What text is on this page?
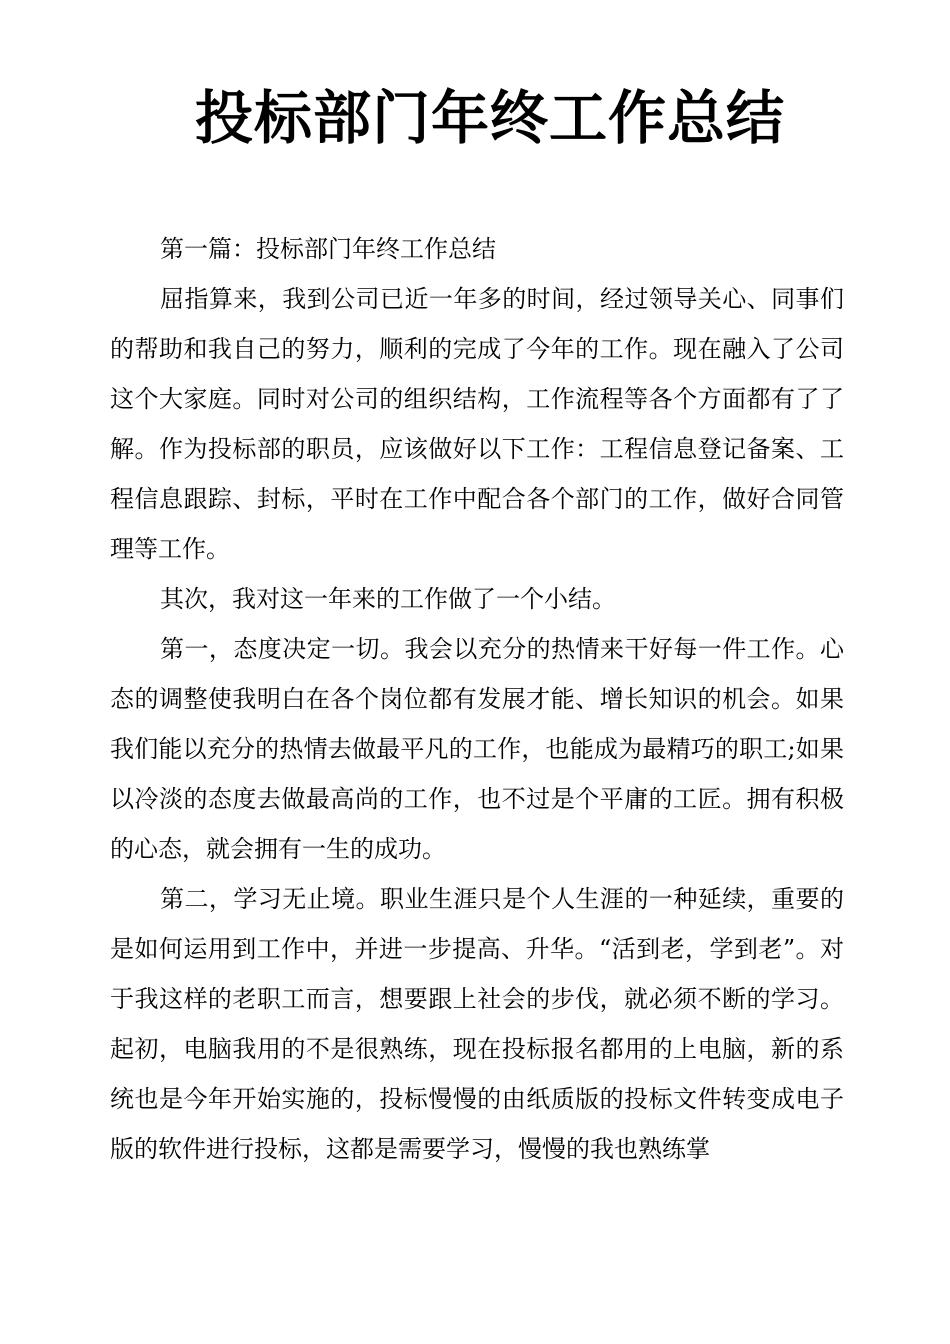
投标部门年终工作总结

第一篇：投标部门年终工作总结

屈指算来，我到公司已近一年多的时间，经过领导关心、同事们的帮助和我自己的努力，顺利的完成了今年的工作。现在融入了公司这个大家庭。同时对公司的组织结构，工作流程等各个方面都有了了解。作为投标部的职员，应该做好以下工作：工程信息登记备案、工程信息跟踪、封标，平时在工作中配合各个部门的工作，做好合同管理等工作。

其次，我对这一年来的工作做了一个小结。

第一，态度决定一切。我会以充分的热情来干好每一件工作。心态的调整使我明白在各个岗位都有发展才能、增长知识的机会。如果我们能以充分的热情去做最平凡的工作，也能成为最精巧的职工;如果以冷淡的态度去做最高尚的工作，也不过是个平庸的工匠。拥有积极的心态，就会拥有一生的成功。

第二，学习无止境。职业生涯只是个人生涯的一种延续，重要的是如何运用到工作中，并进一步提高、升华。“活到老，学到老”。对于我这样的老职工而言，想要跟上社会的步伐，就必须不断的学习。起初，电脑我用的不是很熟练，现在投标报名都用的上电脑，新的系统也是今年开始实施的，投标慢慢的由纸质版的投标文件转变成电子版的软件进行投标，这都是需要学习，慢慢的我也熟练掌
